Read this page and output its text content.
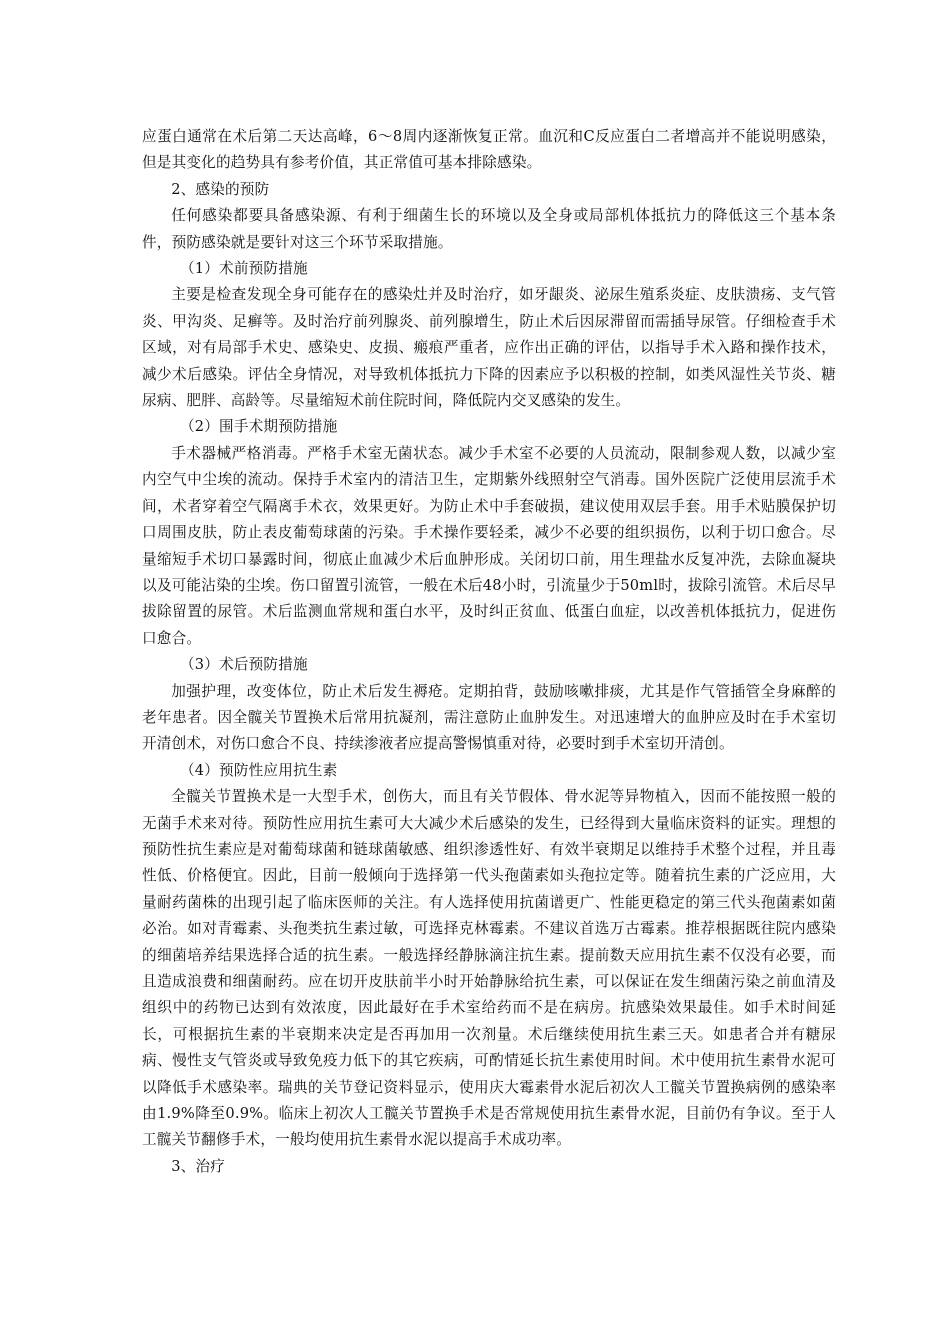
应蛋白通常在术后第二天达高峰，6～8周内逐渐恢复正常。血沉和C反应蛋白二者增高并不能说明感染，但是其变化的趋势具有参考价值，其正常值可基本排除感染。

2、感染的预防

任何感染都要具备感染源、有利于细菌生长的环境以及全身或局部机体抵抗力的降低这三个基本条件，预防感染就是要针对这三个环节采取措施。

（1）术前预防措施

主要是检查发现全身可能存在的感染灶并及时治疗，如牙龈炎、泌尿生殖系炎症、皮肤溃疡、支气管炎、甲沟炎、足癣等。及时治疗前列腺炎、前列腺增生，防止术后因尿滞留而需插导尿管。仔细检查手术区域，对有局部手术史、感染史、皮损、瘢痕严重者，应作出正确的评估，以指导手术入路和操作技术，减少术后感染。评估全身情况，对导致机体抵抗力下降的因素应予以积极的控制，如类风湿性关节炎、糖尿病、肥胖、高龄等。尽量缩短术前住院时间，降低院内交叉感染的发生。

（2）围手术期预防措施

手术器械严格消毒。严格手术室无菌状态。减少手术室不必要的人员流动，限制参观人数，以减少室内空气中尘埃的流动。保持手术室内的清洁卫生，定期紫外线照射空气消毒。国外医院广泛使用层流手术间，术者穿着空气隔离手术衣，效果更好。为防止术中手套破损，建议使用双层手套。用手术贴膜保护切口周围皮肤，防止表皮葡萄球菌的污染。手术操作要轻柔，减少不必要的组织损伤，以利于切口愈合。尽量缩短手术切口暴露时间，彻底止血减少术后血肿形成。关闭切口前，用生理盐水反复冲洗，去除血凝块以及可能沾染的尘埃。伤口留置引流管，一般在术后48小时，引流量少于50ml时，拔除引流管。术后尽早拔除留置的尿管。术后监测血常规和蛋白水平，及时纠正贫血、低蛋白血症，以改善机体抵抗力，促进伤口愈合。

（3）术后预防措施

加强护理，改变体位，防止术后发生褥疮。定期拍背，鼓励咳嗽排痰，尤其是作气管插管全身麻醉的老年患者。因全髋关节置换术后常用抗凝剂，需注意防止血肿发生。对迅速增大的血肿应及时在手术室切开清创术，对伤口愈合不良、持续渗液者应提高警惕慎重对待，必要时到手术室切开清创。

（4）预防性应用抗生素

全髋关节置换术是一大型手术，创伤大，而且有关节假体、骨水泥等异物植入，因而不能按照一般的无菌手术来对待。预防性应用抗生素可大大减少术后感染的发生，已经得到大量临床资料的证实。理想的预防性抗生素应是对葡萄球菌和链球菌敏感、组织渗透性好、有效半衰期足以维持手术整个过程，并且毒性低、价格便宜。因此，目前一般倾向于选择第一代头孢菌素如头孢拉定等。随着抗生素的广泛应用，大量耐药菌株的出现引起了临床医师的关注。有人选择使用抗菌谱更广、性能更稳定的第三代头孢菌素如菌必治。如对青霉素、头孢类抗生素过敏，可选择克林霉素。不建议首选万古霉素。推荐根据既往院内感染的细菌培养结果选择合适的抗生素。一般选择经静脉滴注抗生素。提前数天应用抗生素不仅没有必要，而且造成浪费和细菌耐药。应在切开皮肤前半小时开始静脉给抗生素，可以保证在发生细菌污染之前血清及组织中的药物已达到有效浓度，因此最好在手术室给药而不是在病房。抗感染效果最佳。如手术时间延长，可根据抗生素的半衰期来决定是否再加用一次剂量。术后继续使用抗生素三天。如患者合并有糖尿病、慢性支气管炎或导致免疫力低下的其它疾病，可酌情延长抗生素使用时间。术中使用抗生素骨水泥可以降低手术感染率。瑞典的关节登记资料显示，使用庆大霉素骨水泥后初次人工髋关节置换病例的感染率由1.9%降至0.9%。临床上初次人工髋关节置换手术是否常规使用抗生素骨水泥，目前仍有争议。至于人工髋关节翻修手术，一般均使用抗生素骨水泥以提高手术成功率。

3、治疗
